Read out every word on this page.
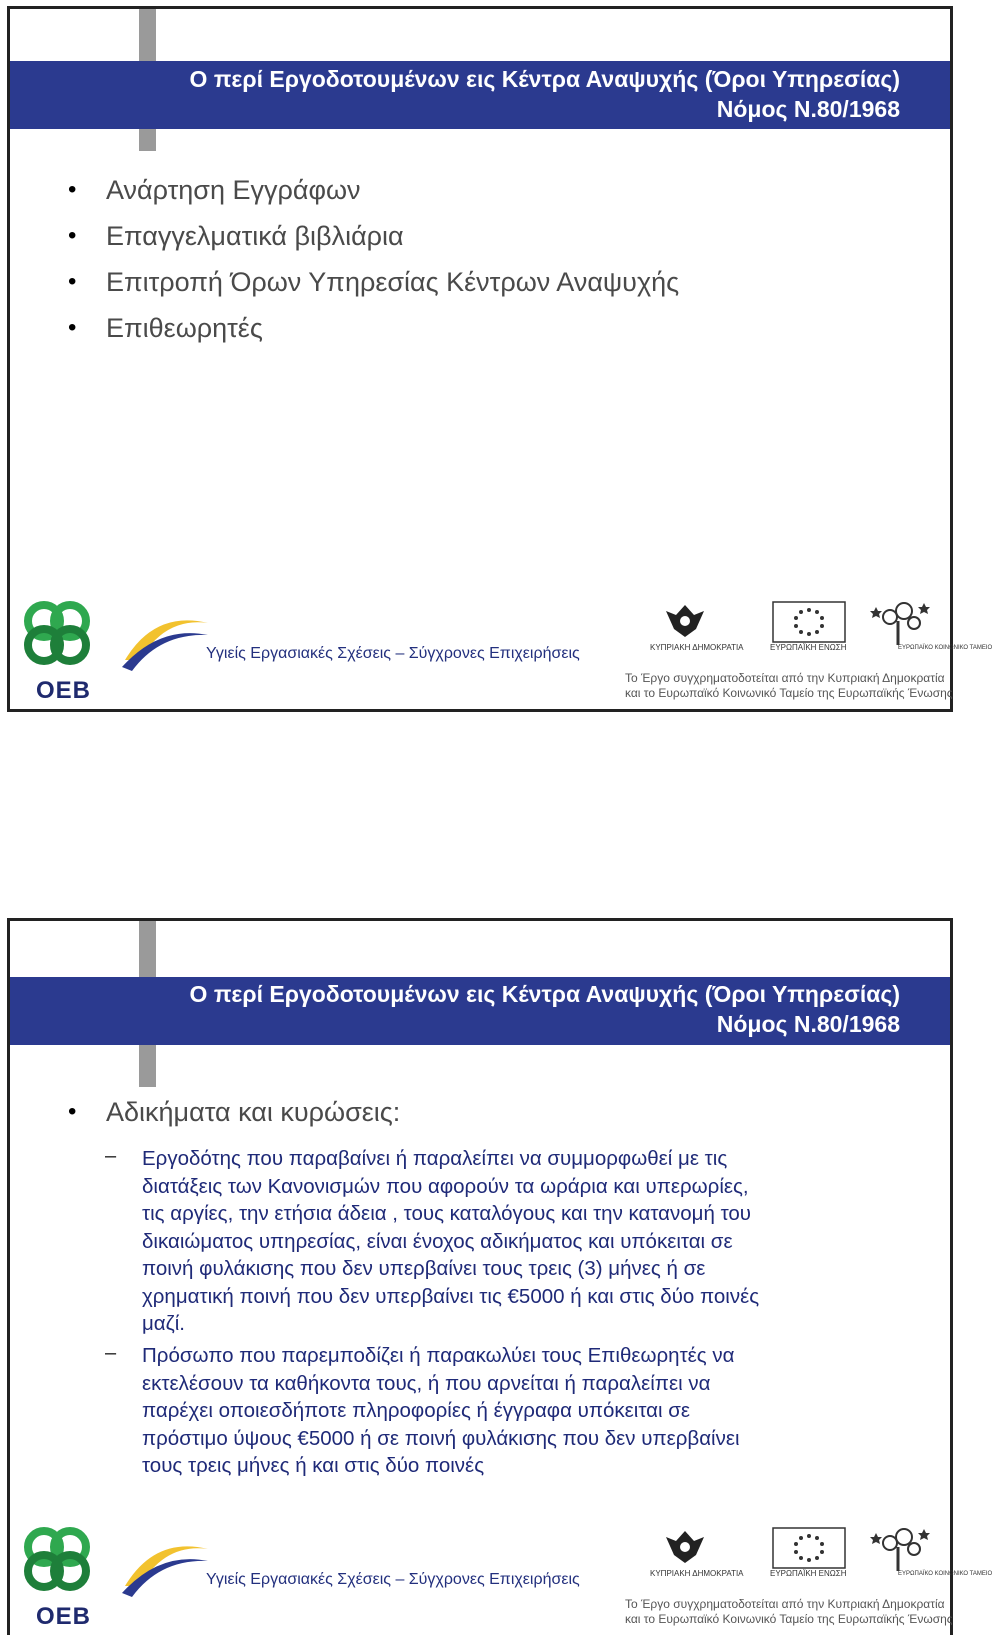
Ο περί Εργοδοτουμένων εις Κέντρα Αναψυχής (Όροι Υπηρεσίας)
Νόμος Ν.80/1968
• Ανάρτηση Εγγράφων
• Επαγγελματικά βιβλιάρια
• Επιτροπή Όρων Υπηρεσίας Κέντρων Αναψυχής
• Επιθεωρητές
ΟΕΒ
Υγιείς Εργασιακές Σχέσεις – Σύγχρονες Επιχειρήσεις	ΚΥΠΡΙΑΚΗ ΔΗΜΟΚΡΑΤΙΑ	ΕΥΡΩΠΑΪΚΗ ΕΝΩΣΗ	ΕΥΡΩΠΑΪΚΟ ΚΟΙΝΩΝΙΚΟ ΤΑΜΕΙΟ
Το Έργο συγχρηματοδοτείται από την Κυπριακή Δημοκρατία
και το Ευρωπαϊκό Κοινωνικό Ταμείο της Ευρωπαϊκής Ένωσης
Ο περί Εργοδοτουμένων εις Κέντρα Αναψυχής (Όροι Υπηρεσίας)
Νόμος Ν.80/1968
• Αδικήματα και κυρώσεις:
– Εργοδότης που παραβαίνει ή παραλείπει να συμμορφωθεί με τις
διατάξεις των Κανονισμών που αφορούν τα ωράρια και υπερωρίες,
τις αργίες, την ετήσια άδεια , τους καταλόγους και την κατανομή του
δικαιώματος υπηρεσίας, είναι ένοχος αδικήματος και υπόκειται σε
ποινή φυλάκισης που δεν υπερβαίνει τους τρεις (3) μήνες ή σε
χρηματική ποινή που δεν υπερβαίνει τις €5000 ή και στις δύο ποινές
μαζί.
– Πρόσωπο που παρεμποδίζει ή παρακωλύει τους Επιθεωρητές να
εκτελέσουν τα καθήκοντα τους, ή που αρνείται ή παραλείπει να
παρέχει οποιεσδήποτε πληροφορίες ή έγγραφα υπόκειται σε
πρόστιμο ύψους €5000 ή σε ποινή φυλάκισης που δεν υπερβαίνει
τους τρεις μήνες ή και στις δύο ποινές
ΟΕΒ
Υγιείς Εργασιακές Σχέσεις – Σύγχρονες Επιχειρήσεις	ΚΥΠΡΙΑΚΗ ΔΗΜΟΚΡΑΤΙΑ	ΕΥΡΩΠΑΪΚΗ ΕΝΩΣΗ	ΕΥΡΩΠΑΪΚΟ ΚΟΙΝΩΝΙΚΟ ΤΑΜΕΙΟ
Το Έργο συγχρηματοδοτείται από την Κυπριακή Δημοκρατία
και το Ευρωπαϊκό Κοινωνικό Ταμείο της Ευρωπαϊκής Ένωσης
